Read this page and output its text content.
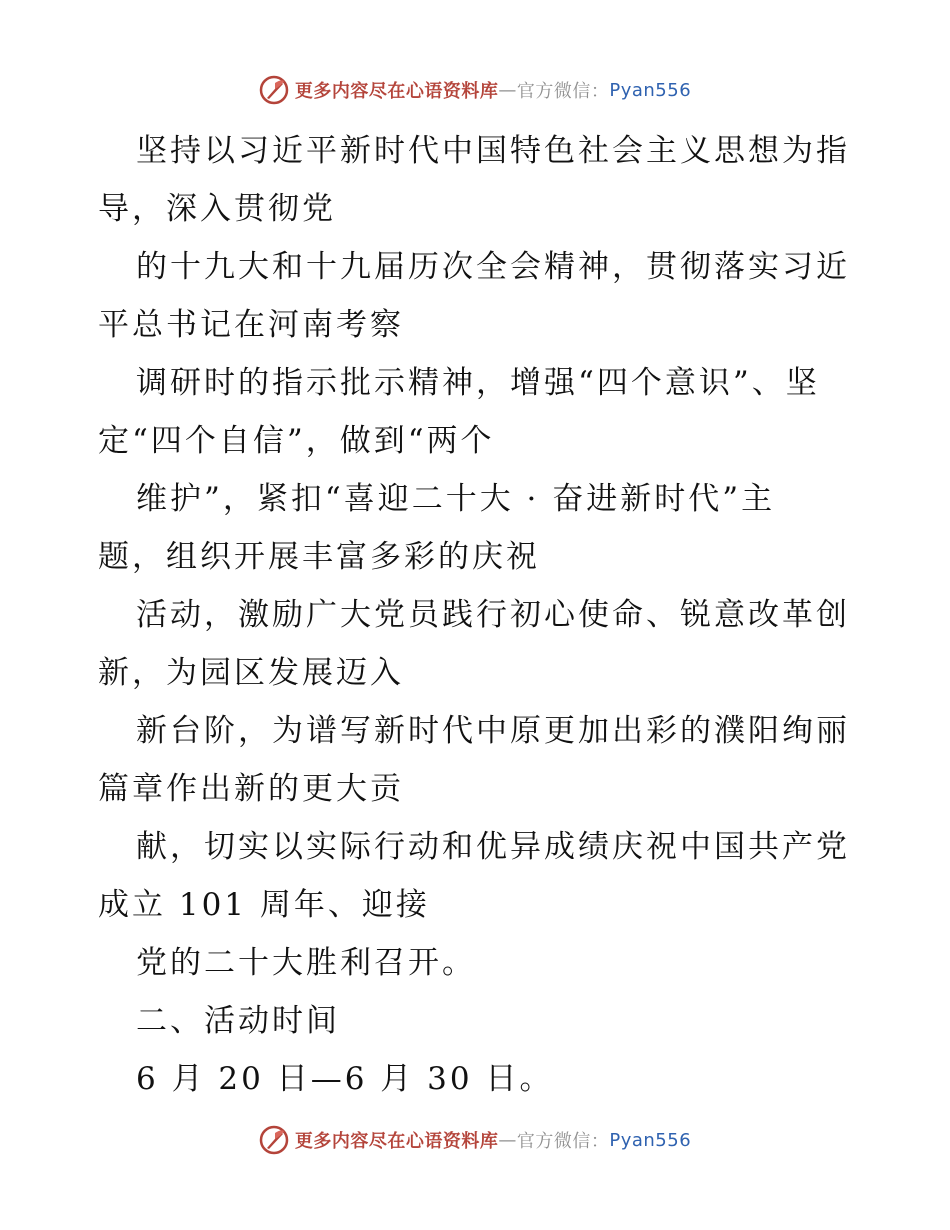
更多内容尽在心语资料库 — 官方微信： Pyan556
坚持以习近平新时代中国特色社会主义思想为指
导，深入贯彻党
的十九大和十九届历次全会精神，贯彻落实习近
平总书记在河南考察
调研时的指示批示精神，增强“四个意识”、坚
定“四个自信”，做到“两个
维护”，紧扣“喜迎二十大 · 奋进新时代”主
题，组织开展丰富多彩的庆祝
活动，激励广大党员践行初心使命、锐意改革创
新，为园区发展迈入
新台阶，为谱写新时代中原更加出彩的濮阳绚丽
篇章作出新的更大贡
献，切实以实际行动和优异成绩庆祝中国共产党
成立 101 周年、迎接
党的二十大胜利召开。
二、活动时间
6 月 20 日—6 月 30 日。
更多内容尽在心语资料库 — 官方微信： Pyan556
